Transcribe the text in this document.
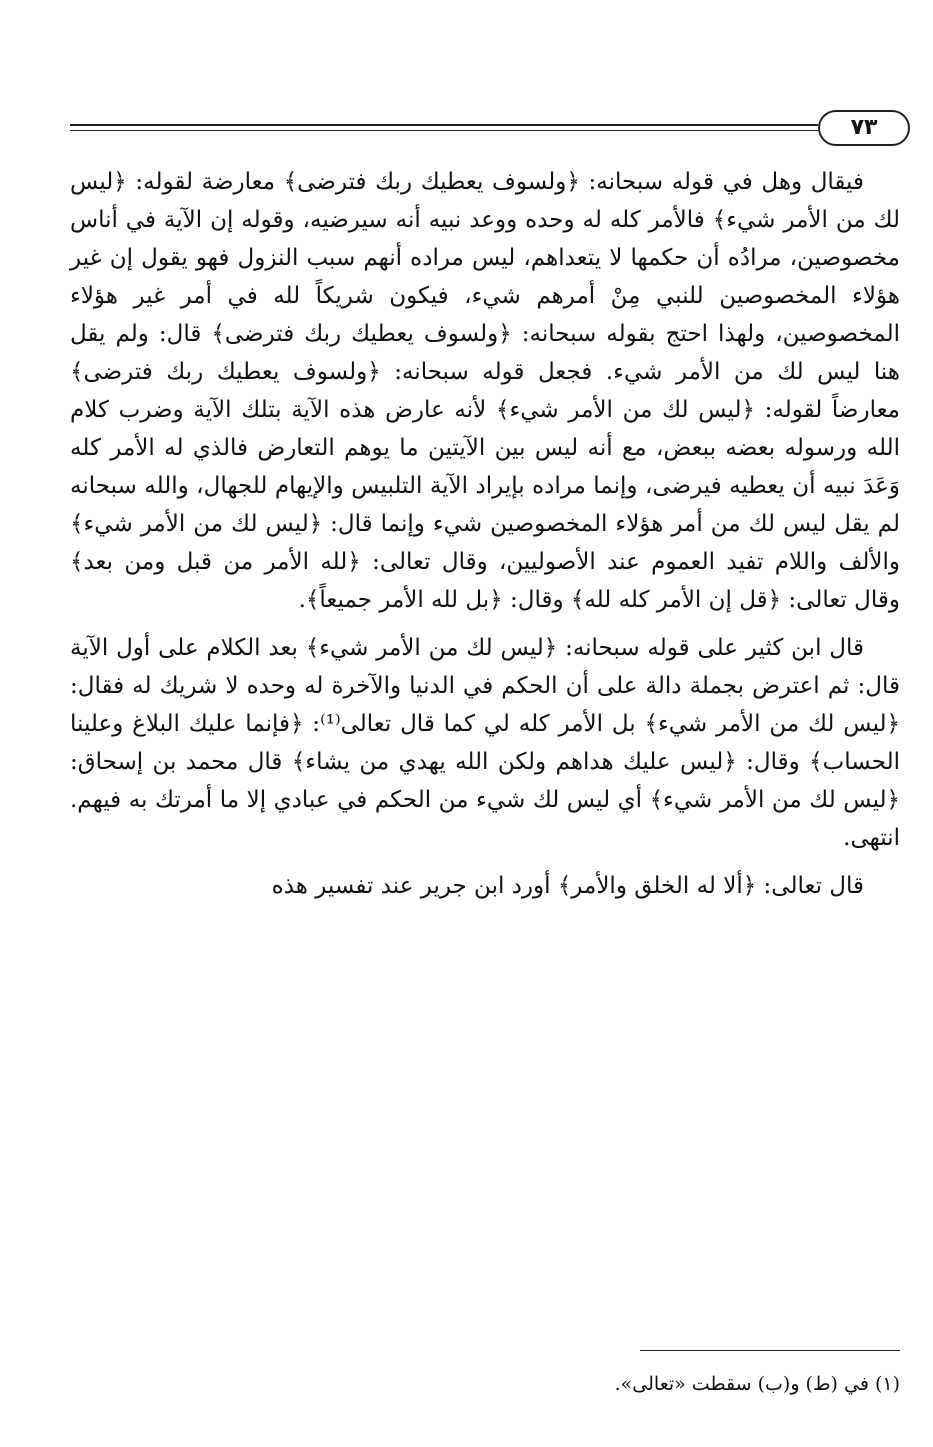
٧٣

فيقال وهل في قوله سبحانه: ﴿ولسوف يعطيك ربك فترضى﴾ معارضة لقوله: ﴿ليس لك من الأمر شيء﴾ فالأمر كله له وحده ووعد نبيه أنه سيرضيه، وقوله إن الآية في أناس مخصوصين، مرادُه أن حكمها لا يتعداهم، ليس مراده أنهم سبب النزول فهو يقول إن غير هؤلاء المخصوصين للنبي مِنْ أمرهم شيء، فيكون شريكاً لله في أمر غير هؤلاء المخصوصين، ولهذا احتج بقوله سبحانه: ﴿ولسوف يعطيك ربك فترضى﴾ قال: ولم يقل هنا ليس لك من الأمر شيء. فجعل قوله سبحانه: ﴿ولسوف يعطيك ربك فترضى﴾ معارضاً لقوله: ﴿ليس لك من الأمر شيء﴾ لأنه عارض هذه الآية بتلك الآية وضرب كلام الله ورسوله بعضه ببعض، مع أنه ليس بين الآيتين ما يوهم التعارض فالذي له الأمر كله وَعَدَ نبيه أن يعطيه فيرضى، وإنما مراده بإيراد الآية التلبيس والإيهام للجهال، والله سبحانه لم يقل ليس لك من أمر هؤلاء المخصوصين شيء وإنما قال: ﴿ليس لك من الأمر شيء﴾ والألف واللام تفيد العموم عند الأصوليين، وقال تعالى: ﴿لله الأمر من قبل ومن بعد﴾ وقال تعالى: ﴿قل إن الأمر كله لله﴾ وقال: ﴿بل لله الأمر جميعاً﴾.

قال ابن كثير على قوله سبحانه: ﴿ليس لك من الأمر شيء﴾ بعد الكلام على أول الآية قال: ثم اعترض بجملة دالة على أن الحكم في الدنيا والآخرة له وحده لا شريك له فقال: ﴿ليس لك من الأمر شيء﴾ بل الأمر كله لي كما قال تعالى⁽¹⁾: ﴿فإنما عليك البلاغ وعلينا الحساب﴾ وقال: ﴿ليس عليك هداهم ولكن الله يهدي من يشاء﴾ قال محمد بن إسحاق: ﴿ليس لك من الأمر شيء﴾ أي ليس لك شيء من الحكم في عبادي إلا ما أمرتك به فيهم. انتهى.

قال تعالى: ﴿ألا له الخلق والأمر﴾ أورد ابن جرير عند تفسير هذه

(١) في (ط) و(ب) سقطت «تعالى».
